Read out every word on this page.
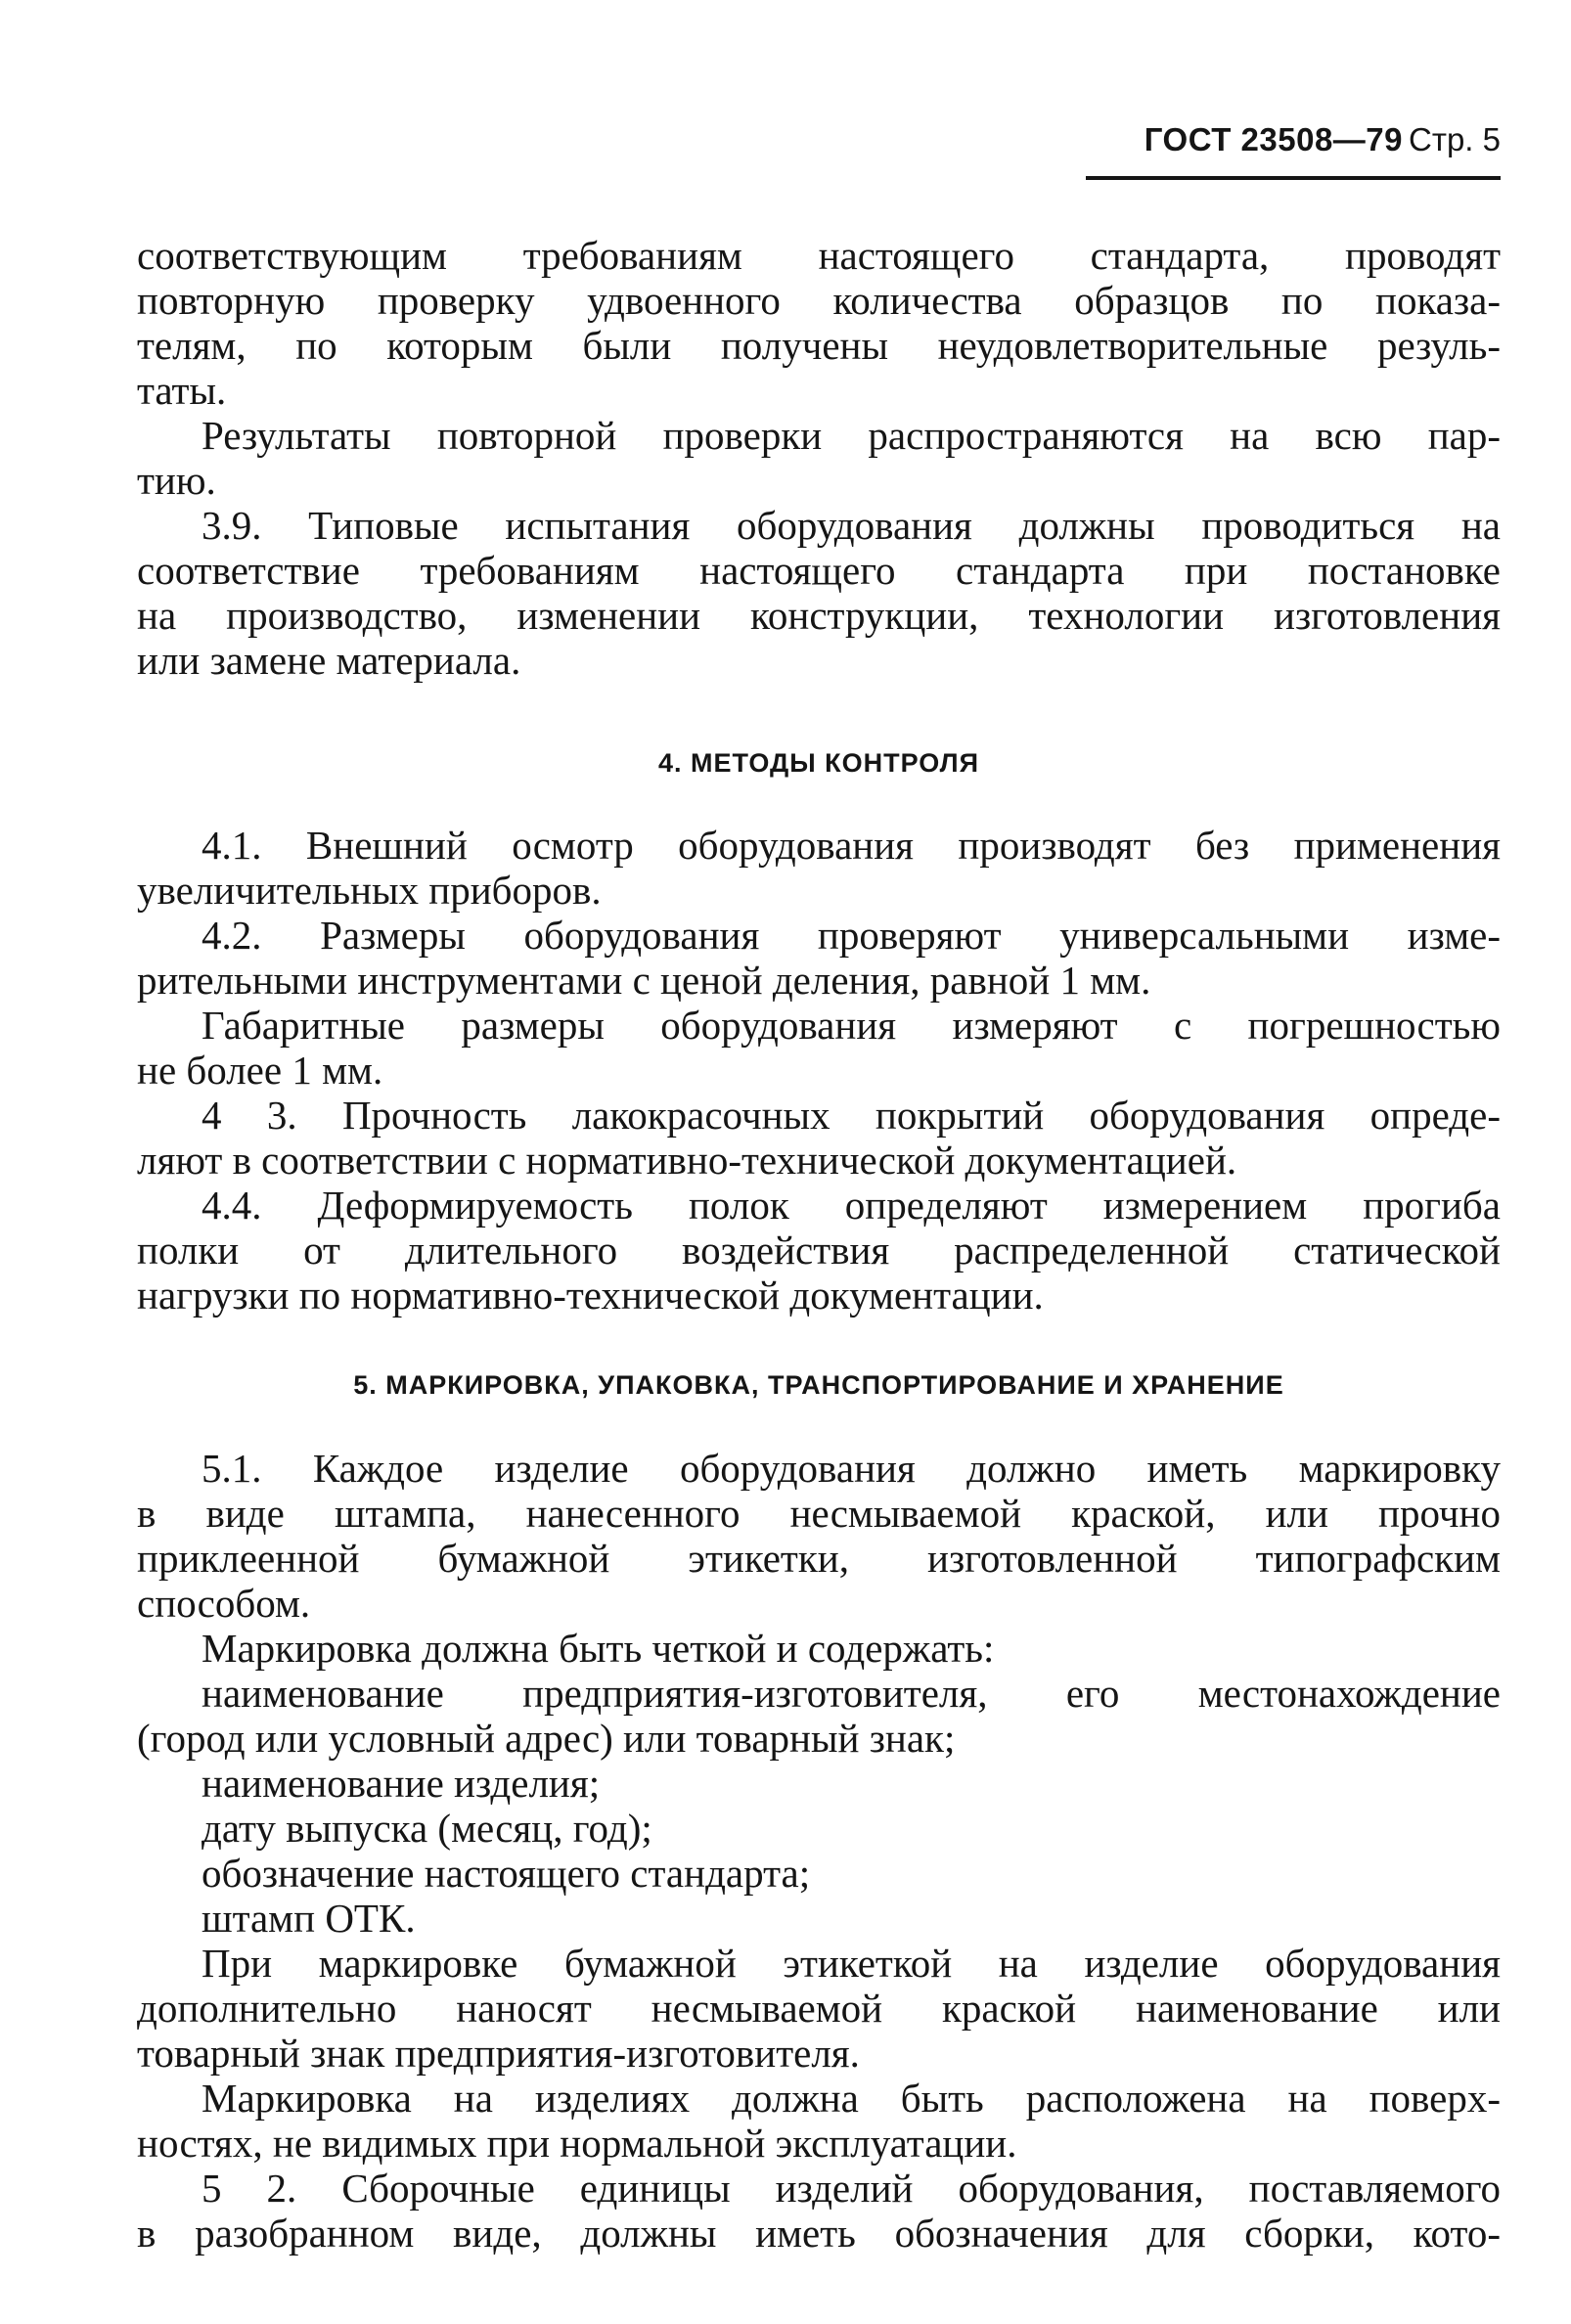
ГОСТ 23508—79 Стр. 5
соответствующим требованиям настоящего стандарта, проводят
повторную проверку удвоенного количества образцов по показа-
телям, по которым были получены неудовлетворительные резуль-
таты.
Результаты повторной проверки распространяются на всю пар-
тию.
3.9. Типовые испытания оборудования должны проводиться на
соответствие требованиям настоящего стандарта при постановке
на производство, изменении конструкции, технологии изготовления
или замене материала.
4. МЕТОДЫ КОНТРОЛЯ
4.1. Внешний осмотр оборудования производят без применения
увеличительных приборов.
4.2. Размеры оборудования проверяют универсальными изме-
рительными инструментами с ценой деления, равной 1 мм.
Габаритные размеры оборудования измеряют с погрешностью
не более 1 мм.
4 3. Прочность лакокрасочных покрытий оборудования опреде-
ляют в соответствии с нормативно-технической документацией.
4.4. Деформируемость полок определяют измерением прогиба
полки от длительного воздействия распределенной статической
нагрузки по нормативно-технической документации.
5. МАРКИРОВКА, УПАКОВКА, ТРАНСПОРТИРОВАНИЕ И ХРАНЕНИЕ
5.1. Каждое изделие оборудования должно иметь маркировку
в виде штампа, нанесенного несмываемой краской, или прочно
приклеенной бумажной этикетки, изготовленной типографским
способом.
Маркировка должна быть четкой и содержать:
наименование предприятия-изготовителя, его местонахождение
(город или условный адрес) или товарный знак;
наименование изделия;
дату выпуска (месяц, год);
обозначение настоящего стандарта;
штамп ОТК.
При маркировке бумажной этикеткой на изделие оборудования
дополнительно наносят несмываемой краской наименование или
товарный знак предприятия-изготовителя.
Маркировка на изделиях должна быть расположена на поверх-
ностях, не видимых при нормальной эксплуатации.
5 2. Сборочные единицы изделий оборудования, поставляемого
в разобранном виде, должны иметь обозначения для сборки, кото-
